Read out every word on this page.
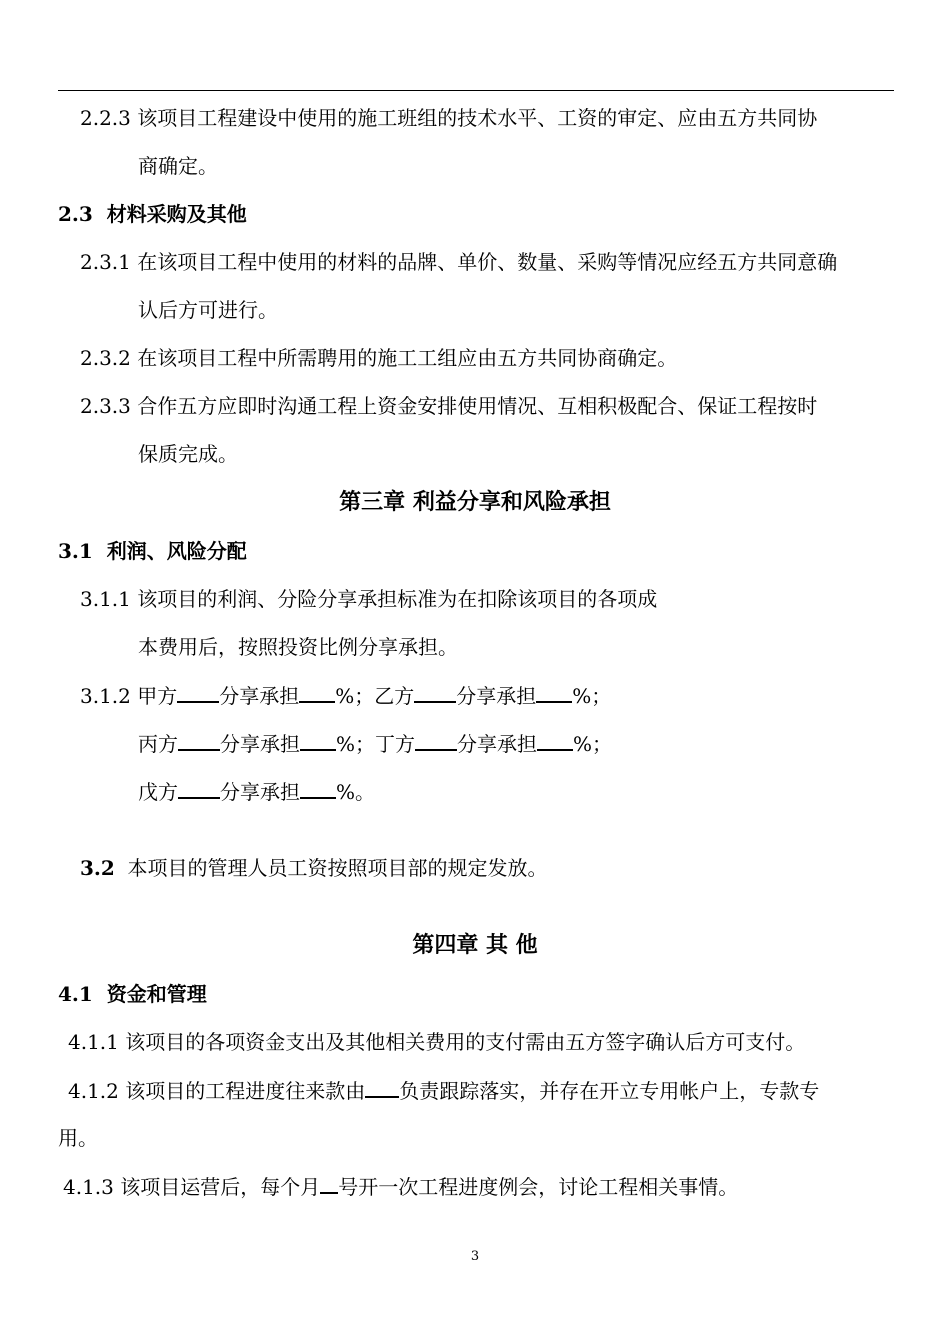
2.2.3 该项目工程建设中使用的施工班组的技术水平、工资的审定、应由五方共同协
商确定。
2.3 材料采购及其他
2.3.1 在该项目工程中使用的材料的品牌、单价、数量、采购等情况应经五方共同意确
认后方可进行。
2.3.2 在该项目工程中所需聘用的施工工组应由五方共同协商确定。
2.3.3 合作五方应即时沟通工程上资金安排使用情况、互相积极配合、保证工程按时
保质完成。
第三章 利益分享和风险承担
3.1 利润、风险分配
3.1.1 该项目的利润、分险分享承担标准为在扣除该项目的各项成
本费用后，按照投资比例分享承担。
3.1.2 甲方 分享承担 %；乙方 分享承担 %；
丙方 分享承担 %；丁方 分享承担 %；
戊方 分享承担 %。
3.2 本项目的管理人员工资按照项目部的规定发放。
第四章 其 他
4.1 资金和管理
4.1.1 该项目的各项资金支出及其他相关费用的支付需由五方签字确认后方可支付。
4.1.2 该项目的工程进度往来款由 负责跟踪落实，并存在开立专用帐户上，专款专
用。
4.1.3 该项目运营后，每个月 号开一次工程进度例会，讨论工程相关事情。
3
